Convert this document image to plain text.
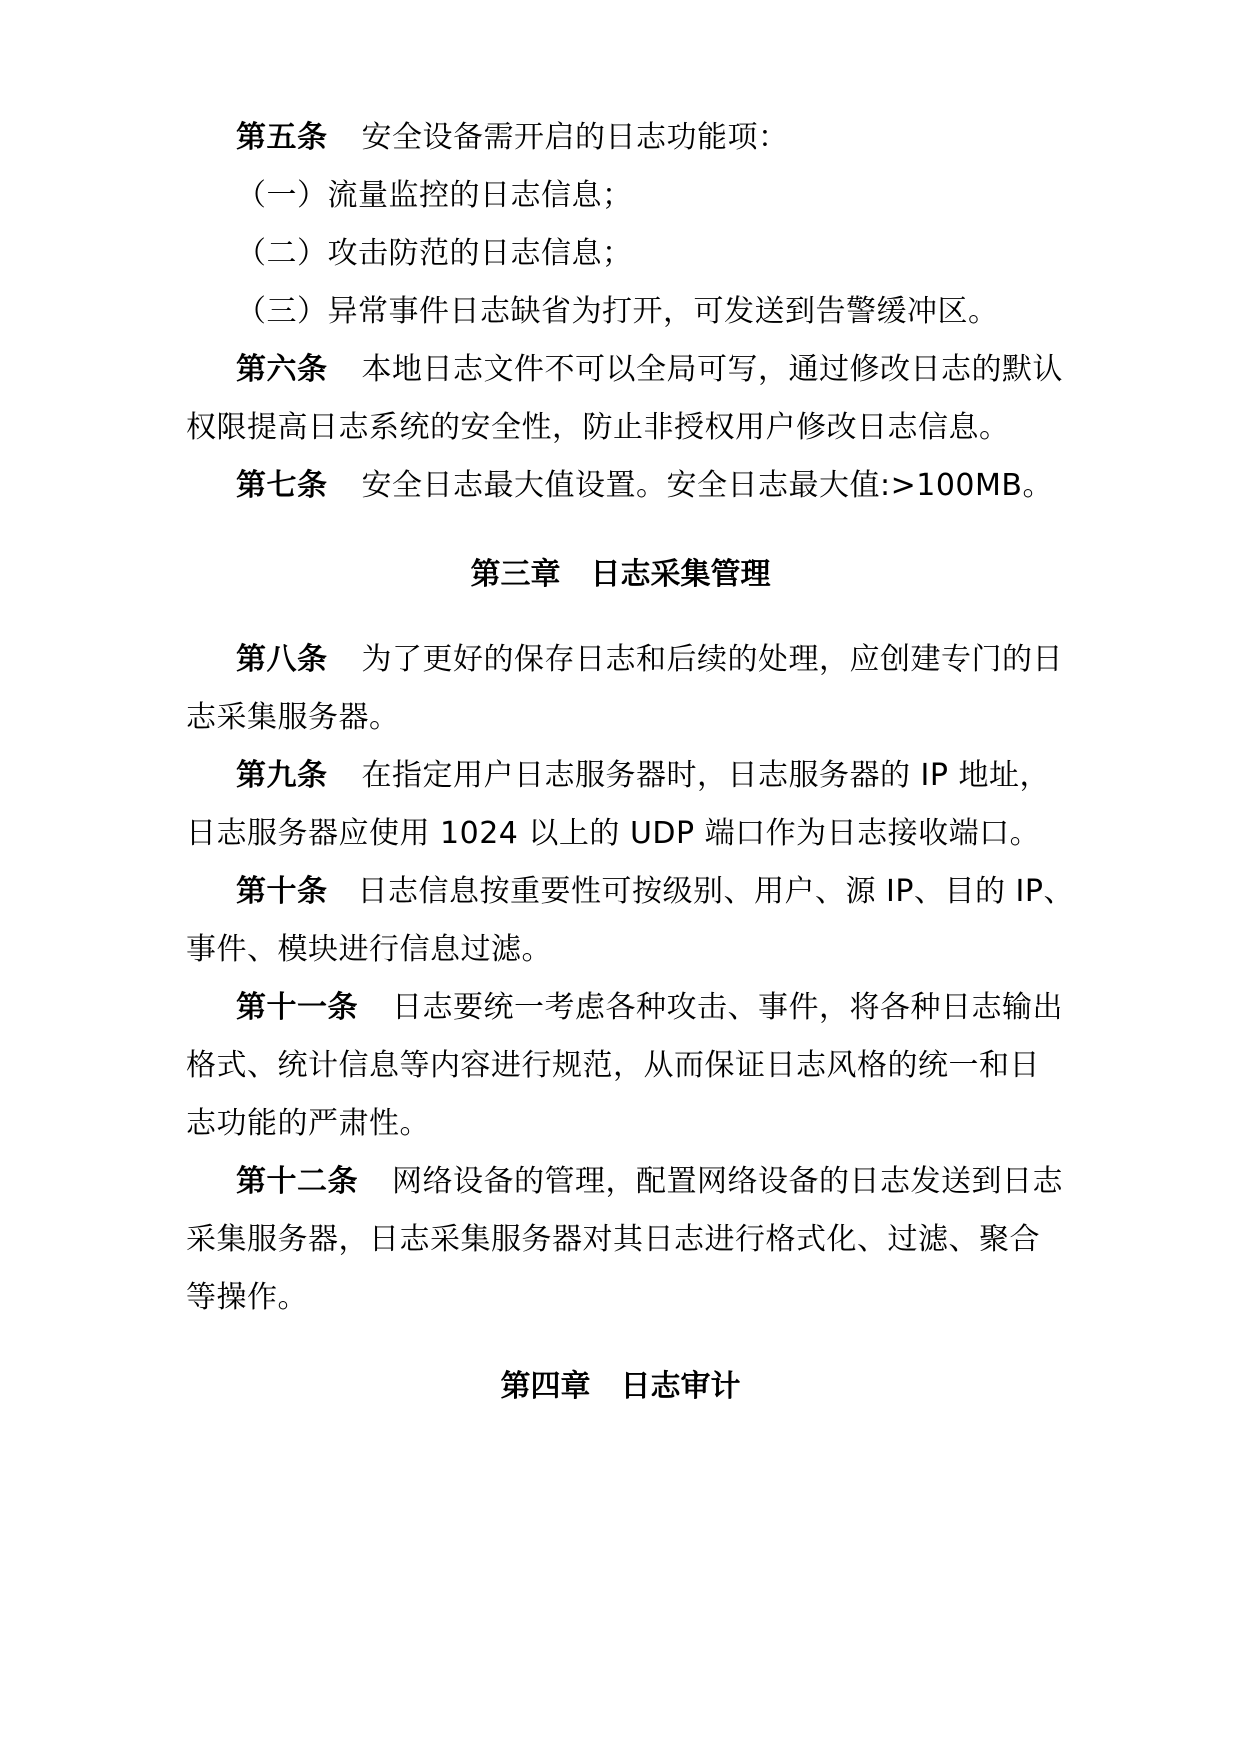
第五条 安全设备需开启的日志功能项：
（一）流量监控的日志信息；
（二）攻击防范的日志信息；
（三）异常事件日志缺省为打开，可发送到告警缓冲区。
第六条 本地日志文件不可以全局可写，通过修改日志的默认
权限提高日志系统的安全性，防止非授权用户修改日志信息。
第七条 安全日志最大值设置。安全日志最大值:>100MB。
第三章 日志采集管理
第八条 为了更好的保存日志和后续的处理，应创建专门的日
志采集服务器。
第九条 在指定用户日志服务器时，日志服务器的 IP 地址，
日志服务器应使用 1024 以上的 UDP 端口作为日志接收端口。
第十条 日志信息按重要性可按级别、用户、源 IP、目的 IP、
事件、模块进行信息过滤。
第十一条 日志要统一考虑各种攻击、事件，将各种日志输出
格式、统计信息等内容进行规范，从而保证日志风格的统一和日
志功能的严肃性。
第十二条 网络设备的管理，配置网络设备的日志发送到日志
采集服务器，日志采集服务器对其日志进行格式化、过滤、聚合
等操作。
第四章 日志审计
